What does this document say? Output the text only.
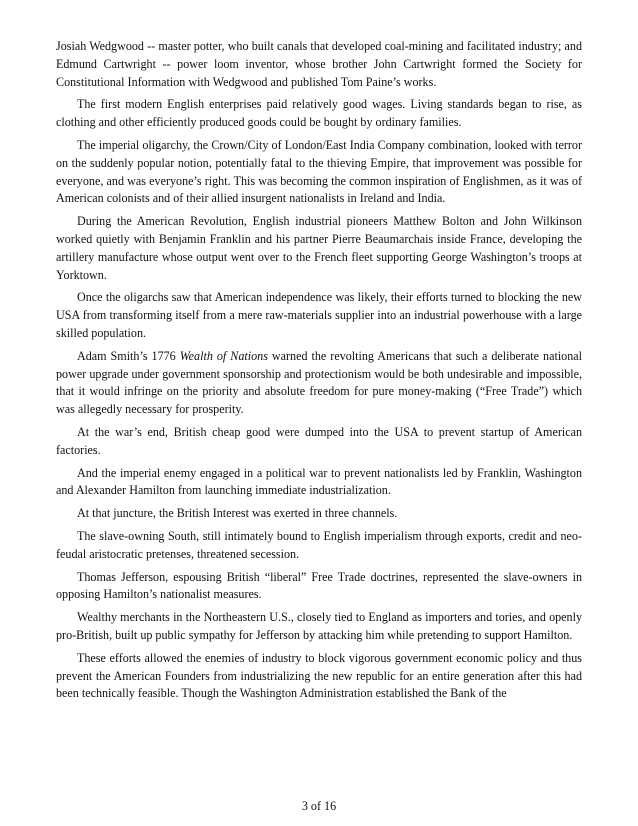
Josiah Wedgwood -- master potter, who built canals that developed coal-mining and facilitated industry; and Edmund Cartwright -- power loom inventor, whose brother John Cartwright formed the Society for Constitutional Information with Wedgwood and published Tom Paine’s works.

The first modern English enterprises paid relatively good wages. Living standards began to rise, as clothing and other efficiently produced goods could be bought by ordinary families.

The imperial oligarchy, the Crown/City of London/East India Company combination, looked with terror on the suddenly popular notion, potentially fatal to the thieving Empire, that improvement was possible for everyone, and was everyone’s right. This was becoming the common inspiration of Englishmen, as it was of American colonists and of their allied insurgent nationalists in Ireland and India.

During the American Revolution, English industrial pioneers Matthew Bolton and John Wilkinson worked quietly with Benjamin Franklin and his partner Pierre Beaumarchais inside France, developing the artillery manufacture whose output went over to the French fleet supporting George Washington’s troops at Yorktown.

Once the oligarchs saw that American independence was likely, their efforts turned to blocking the new USA from transforming itself from a mere raw-materials supplier into an industrial powerhouse with a large skilled population.

Adam Smith’s 1776 Wealth of Nations warned the revolting Americans that such a deliberate national power upgrade under government sponsorship and protectionism would be both undesirable and impossible, that it would infringe on the priority and absolute freedom for pure money-making (“Free Trade”) which was allegedly necessary for prosperity.

At the war’s end, British cheap good were dumped into the USA to prevent startup of American factories.

And the imperial enemy engaged in a political war to prevent nationalists led by Franklin, Washington and Alexander Hamilton from launching immediate industrialization.

At that juncture, the British Interest was exerted in three channels.

The slave-owning South, still intimately bound to English imperialism through exports, credit and neo-feudal aristocratic pretenses, threatened secession.

Thomas Jefferson, espousing British “liberal” Free Trade doctrines, represented the slave-owners in opposing Hamilton’s nationalist measures.

Wealthy merchants in the Northeastern U.S., closely tied to England as importers and tories, and openly pro-British, built up public sympathy for Jefferson by attacking him while pretending to support Hamilton.

These efforts allowed the enemies of industry to block vigorous government economic policy and thus prevent the American Founders from industrializing the new republic for an entire generation after this had been technically feasible. Though the Washington Administration established the Bank of the

3 of 16
